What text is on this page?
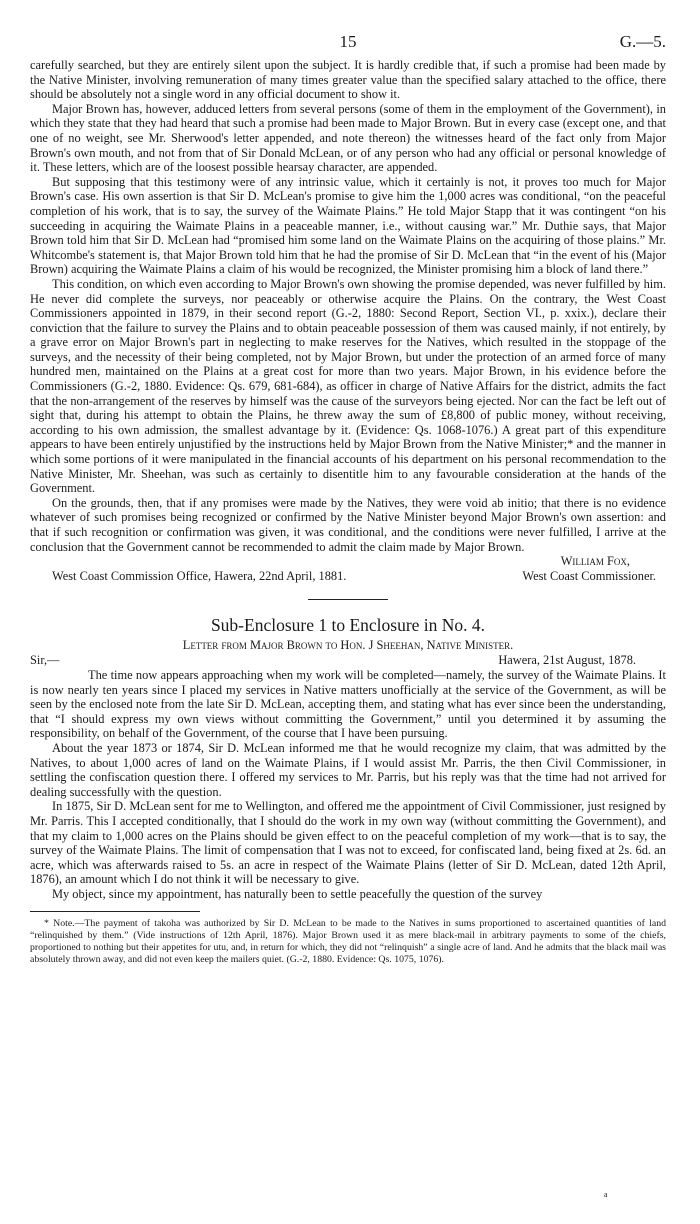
15	G.—5.

carefully searched, but they are entirely silent upon the subject. It is hardly credible that, if such a promise had been made by the Native Minister, involving remuneration of many times greater value than the specified salary attached to the office, there should be absolutely not a single word in any official document to show it.

Major Brown has, however, adduced letters from several persons (some of them in the employment of the Government), in which they state that they had heard that such a promise had been made to Major Brown. But in every case (except one, and that one of no weight, see Mr. Sherwood's letter appended, and note thereon) the witnesses heard of the fact only from Major Brown's own mouth, and not from that of Sir Donald McLean, or of any person who had any official or personal knowledge of it. These letters, which are of the loosest possible hearsay character, are appended.

But supposing that this testimony were of any intrinsic value, which it certainly is not, it proves too much for Major Brown's case. His own assertion is that Sir D. McLean's promise to give him the 1,000 acres was conditional, “on the peaceful completion of his work, that is to say, the survey of the Waimate Plains.” He told Major Stapp that it was contingent “on his succeeding in acquiring the Waimate Plains in a peaceable manner, i.e., without causing war.” Mr. Duthie says, that Major Brown told him that Sir D. McLean had “promised him some land on the Waimate Plains on the acquiring of those plains.” Mr. Whitcombe's statement is, that Major Brown told him that he had the promise of Sir D. McLean that “in the event of his (Major Brown) acquiring the Waimate Plains a claim of his would be recognized, the Minister promising him a block of land there.”

This condition, on which even according to Major Brown's own showing the promise depended, was never fulfilled by him. He never did complete the surveys, nor peaceably or otherwise acquire the Plains. On the contrary, the West Coast Commissioners appointed in 1879, in their second report (G.-2, 1880: Second Report, Section VI., p. xxix.), declare their conviction that the failure to survey the Plains and to obtain peaceable possession of them was caused mainly, if not entirely, by a grave error on Major Brown's part in neglecting to make reserves for the Natives, which resulted in the stoppage of the surveys, and the necessity of their being completed, not by Major Brown, but under the protection of an armed force of many hundred men, maintained on the Plains at a great cost for more than two years. Major Brown, in his evidence before the Commissioners (G.-2, 1880. Evidence: Qs. 679, 681-684), as officer in charge of Native Affairs for the district, admits the fact that the non-arrangement of the reserves by himself was the cause of the surveyors being ejected. Nor can the fact be left out of sight that, during his attempt to obtain the Plains, he threw away the sum of £8,800 of public money, without receiving, according to his own admission, the smallest advantage by it. (Evidence: Qs. 1068-1076.) A great part of this expenditure appears to have been entirely unjustified by the instructions held by Major Brown from the Native Minister;* and the manner in which some portions of it were manipulated in the financial accounts of his department on his personal recommendation to the Native Minister, Mr. Sheehan, was such as certainly to disentitle him to any favourable consideration at the hands of the Government.

On the grounds, then, that if any promises were made by the Natives, they were void ab initio; that there is no evidence whatever of such promises being recognized or confirmed by the Native Minister beyond Major Brown's own assertion: and that if such recognition or confirmation was given, it was conditional, and the conditions were never fulfilled, I arrive at the conclusion that the Government cannot be recommended to admit the claim made by Major Brown.

William Fox,
West Coast Commission Office, Hawera, 22nd April, 1881.	West Coast Commissioner.
Sub-Enclosure 1 to Enclosure in No. 4.
Letter from Major Brown to Hon. J Sheehan, Native Minister.
Sir,—	Hawera, 21st August, 1878.

The time now appears approaching when my work will be completed—namely, the survey of the Waimate Plains. It is now nearly ten years since I placed my services in Native matters unofficially at the service of the Government, as will be seen by the enclosed note from the late Sir D. McLean, accepting them, and stating what has ever since been the understanding, that “I should express my own views without committing the Government,” until you determined it by assuming the responsibility, on behalf of the Government, of the course that I have been pursuing.

About the year 1873 or 1874, Sir D. McLean informed me that he would recognize my claim, that was admitted by the Natives, to about 1,000 acres of land on the Waimate Plains, if I would assist Mr. Parris, the then Civil Commissioner, in settling the confiscation question there. I offered my services to Mr. Parris, but his reply was that the time had not arrived for dealing successfully with the question.

In 1875, Sir D. McLean sent for me to Wellington, and offered me the appointment of Civil Commissioner, just resigned by Mr. Parris. This I accepted conditionally, that I should do the work in my own way (without committing the Government), and that my claim to 1,000 acres on the Plains should be given effect to on the peaceful completion of my work—that is to say, the survey of the Waimate Plains. The limit of compensation that I was not to exceed, for confiscated land, being fixed at 2s. 6d. an acre, which was afterwards raised to 5s. an acre in respect of the Waimate Plains (letter of Sir D. McLean, dated 12th April, 1876), an amount which I do not think it will be necessary to give.

My object, since my appointment, has naturally been to settle peacefully the question of the survey

* Note.—The payment of takoha was authorized by Sir D. McLean to be made to the Natives in sums proportioned to ascertained quantities of land “relinquished by them.” (Vide instructions of 12th April, 1876). Major Brown used it as mere black-mail in arbitrary payments to some of the chiefs, proportioned to nothing but their appetites for utu, and, in return for which, they did not “relinquish” a single acre of land. And he admits that the black mail was absolutely thrown away, and did not even keep the mailers quiet. (G.-2, 1880. Evidence: Qs. 1075, 1076).
a
